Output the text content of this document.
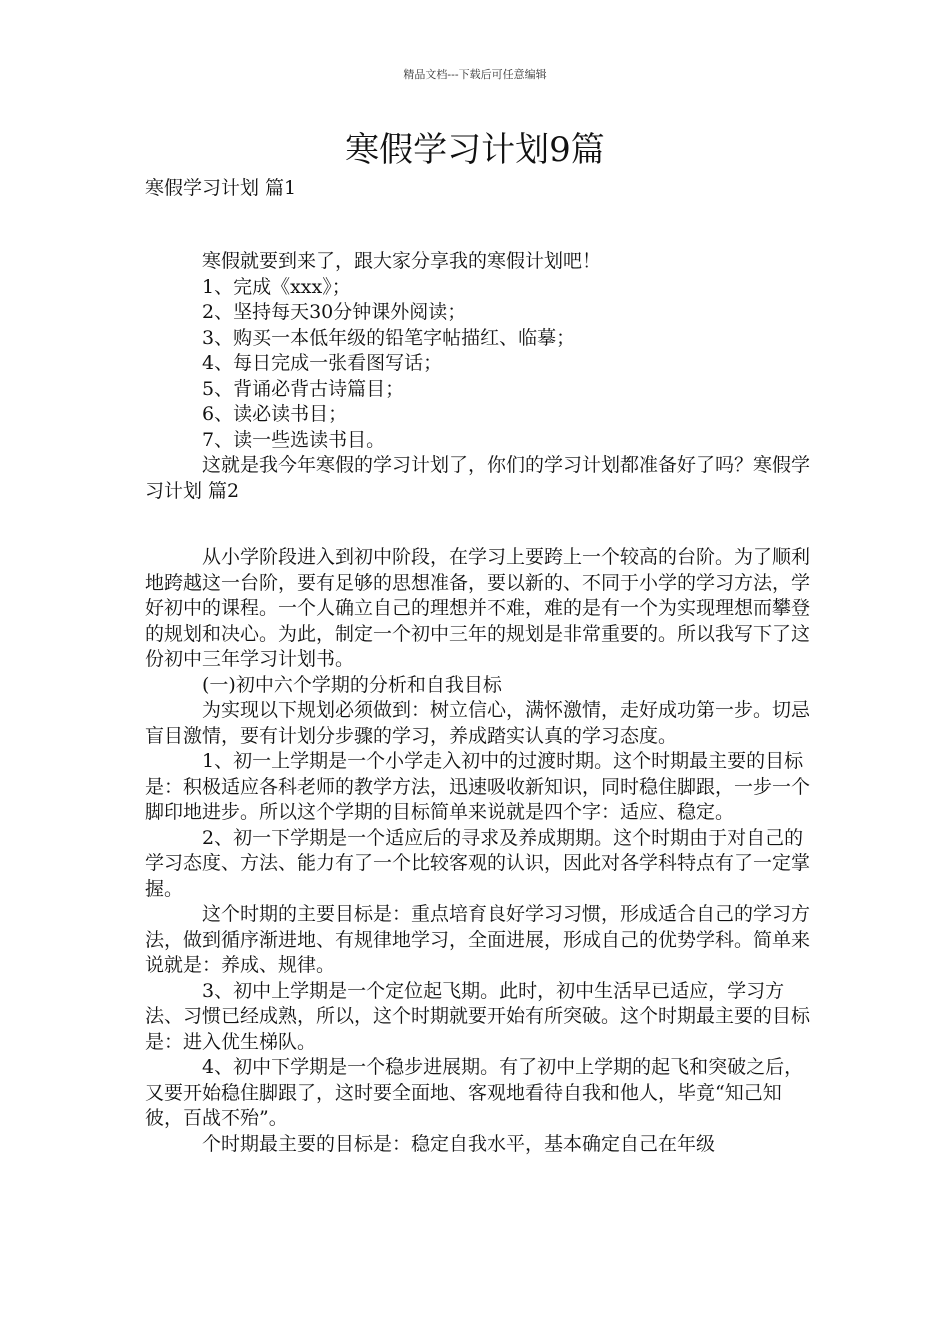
精品文档---下载后可任意编辑
寒假学习计划9篇
寒假学习计划 篇1

寒假就要到来了，跟大家分享我的寒假计划吧！

1、完成《xxx》；

2、坚持每天30分钟课外阅读；

3、购买一本低年级的铅笔字帖描红、临摹；

4、每日完成一张看图写话；

5、背诵必背古诗篇目；

6、读必读书目；

7、读一些选读书目。

这就是我今年寒假的学习计划了，你们的学习计划都准备好了吗？寒假学习计划 篇2

从小学阶段进入到初中阶段，在学习上要跨上一个较高的台阶。为了顺利地跨越这一台阶，要有足够的思想准备，要以新的、不同于小学的学习方法，学好初中的课程。一个人确立自己的理想并不难，难的是有一个为实现理想而攀登的规划和决心。为此，制定一个初中三年的规划是非常重要的。所以我写下了这份初中三年学习计划书。

(一)初中六个学期的分析和自我目标

为实现以下规划必须做到：树立信心，满怀激情，走好成功第一步。切忌盲目激情，要有计划分步骤的学习，养成踏实认真的学习态度。

1、初一上学期是一个小学走入初中的过渡时期。这个时期最主要的目标是：积极适应各科老师的教学方法，迅速吸收新知识，同时稳住脚跟，一步一个脚印地进步。所以这个学期的目标简单来说就是四个字：适应、稳定。

2、初一下学期是一个适应后的寻求及养成期期。这个时期由于对自己的学习态度、方法、能力有了一个比较客观的认识，因此对各学科特点有了一定掌握。

这个时期的主要目标是：重点培育良好学习习惯，形成适合自己的学习方法，做到循序渐进地、有规律地学习，全面进展，形成自己的优势学科。简单来说就是：养成、规律。

3、初中上学期是一个定位起飞期。此时，初中生活早已适应，学习方法、习惯已经成熟，所以，这个时期就要开始有所突破。这个时期最主要的目标是：进入优生梯队。

4、初中下学期是一个稳步进展期。有了初中上学期的起飞和突破之后，又要开始稳住脚跟了，这时要全面地、客观地看待自我和他人，毕竟“知己知彼，百战不殆”。

个时期最主要的目标是：稳定自我水平，基本确定自己在年级
